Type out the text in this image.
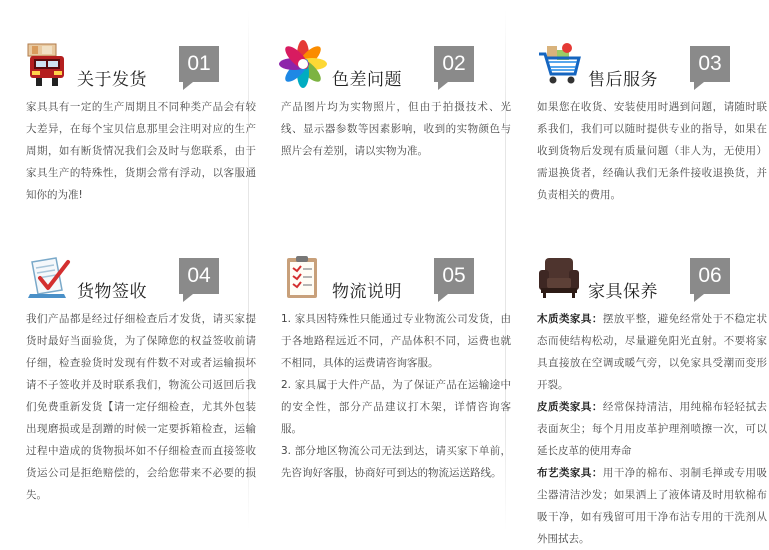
关于发货
01

家具具有一定的生产周期且不同种类产品会有较大差异，在每个宝贝信息那里会注明对应的生产周期，如有断货情况我们会及时与您联系，由于家具生产的特殊性，货期会常有浮动，以客服通知你的为准!

色差问题
02

产品图片均为实物照片，但由于拍摄技术、光线、显示器参数等因素影响，收到的实物颜色与照片会有差别，请以实物为准。

售后服务
03

如果您在收货、安装使用时遇到问题，请随时联系我们，我们可以随时提供专业的指导，如果在收到货物后发现有质量问题（非人为，无使用）需退换货者，经确认我们无条件接收退换货，并负责相关的费用。

货物签收
04

我们产品都是经过仔细检查后才发货，请买家提货时最好当面验货，为了保障您的权益签收前请仔细，检查验货时发现有件数不对或者运输损坏请不子签收并及时联系我们，物流公司返回后我们免费重新发货【请一定仔细检查，尤其外包装出现磨损或是刮蹭的时候一定要拆箱检查，运输过程中造成的货物损坏如不仔细检查而直接签收货运公司是拒绝赔偿的，会给您带来不必要的损失。

物流说明
05

1. 家具因特殊性只能通过专业物流公司发货，由于各地路程远近不同，产品体积不同，运费也就不相同，具体的运费请咨询客服。

2. 家具属于大件产品，为了保证产品在运输途中的安全性，部分产品建议打木架，详情咨询客服。

3. 部分地区物流公司无法到达，请买家下单前，先咨询好客服，协商好可到达的物流运送路线。

家具保养
06

木质类家具：摆放平整，避免经常处于不稳定状态而使结构松动，尽量避免阳光直射。不要将家具直接放在空调或暖气旁，以免家具受潮而变形开裂。

皮质类家具：经常保持清洁，用纯棉布轻轻拭去表面灰尘；每个月用皮革护理剂喷擦一次，可以延长皮革的使用寿命

布艺类家具：用干净的棉布、羽制毛掸或专用吸尘器清洁沙发；如果洒上了液体请及时用软棉布吸干净，如有残留可用干净布沾专用的干洗剂从外围拭去。
